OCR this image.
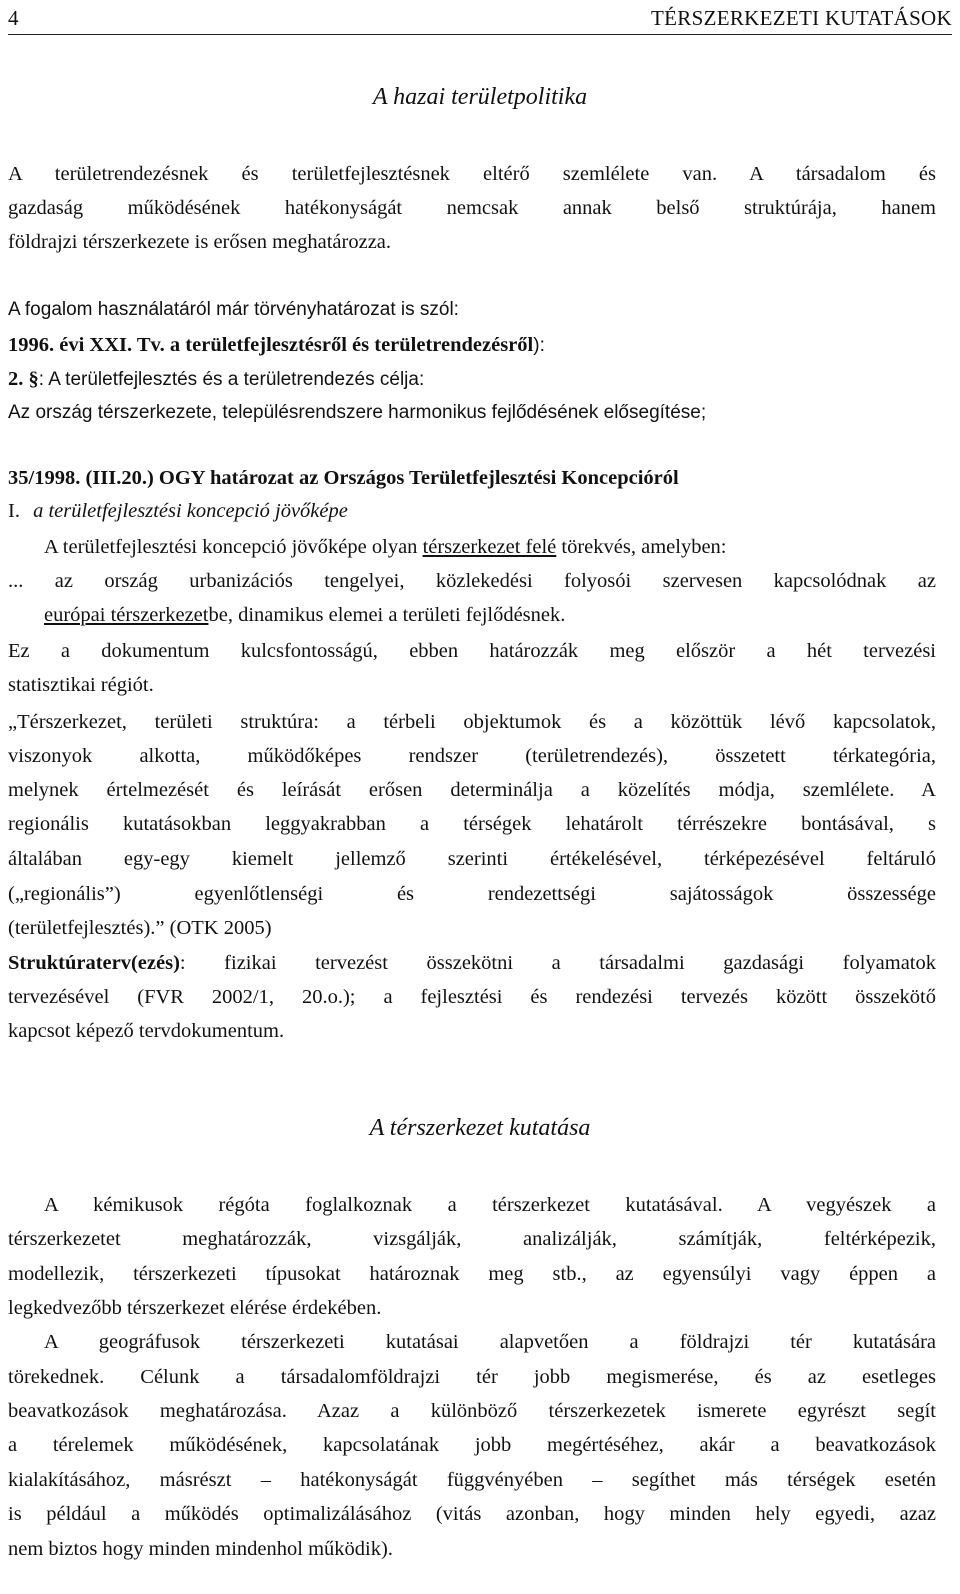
4	TÉRSZERKEZETI KUTATÁSOK
A hazai területpolitika
A területrendezésnek és területfejlesztésnek eltérő szemlélete van. A társadalom és
gazdaság működésének hatékonyságát nemcsak annak belső struktúrája, hanem
földrajzi térszerkezete is erősen meghatározza.
A fogalom használatáról már törvényhatározat is szól:
1996. évi XXI. Tv. a területfejlesztésről és területrendezésről):
2. §: A területfejlesztés és a területrendezés célja:
Az ország térszerkezete, településrendszere harmonikus fejlődésének elősegítése;
35/1998. (III.20.) OGY határozat az Országos Területfejlesztési Koncepcióról
I. a területfejlesztési koncepció jövőképe
A területfejlesztési koncepció jövőképe olyan térszerkezet felé törekvés, amelyben:
... az ország urbanizációs tengelyei, közlekedési folyosói szervesen kapcsolódnak az
európai térszerkezetbe, dinamikus elemei a területi fejlődésnek.
Ez a dokumentum kulcsfontosságú, ebben határozzák meg először a hét tervezési
statisztikai régiót.
„Térszerkezet, területi struktúra: a térbeli objektumok és a közöttük lévő kapcsolatok,
viszonyok alkotta, működőképes rendszer (területrendezés), összetett térkategória,
melynek értelmezését és leírását erősen determinálja a közelítés módja, szemlélete. A
regionális kutatásokban leggyakrabban a térségek lehatárolt térrészekre bontásával, s
általában egy-egy kiemelt jellemző szerinti értékelésével, térképezésével feltáruló
(„regionális”) egyenlőtlenségi és rendezettségi sajátosságok összessége
(területfejlesztés).” (OTK 2005)
Struktúraterv(ezés): fizikai tervezést összekötni a társadalmi gazdasági folyamatok
tervezésével (FVR 2002/1, 20.o.); a fejlesztési és rendezési tervezés között összekötő
kapcsot képező tervdokumentum.
A térszerkezet kutatása
A kémikusok régóta foglalkoznak a térszerkezet kutatásával. A vegyészek a
térszerkezetet meghatározzák, vizsgálják, analizálják, számítják, feltérképezik,
modellezik, térszerkezeti típusokat határoznak meg stb., az egyensúlyi vagy éppen a
legkedvezőbb térszerkezet elérése érdekében.
A geográfusok térszerkezeti kutatásai alapvetően a földrajzi tér kutatására
törekednek. Célunk a társadalomföldrajzi tér jobb megismerése, és az esetleges
beavatkozások meghatározása. Azaz a különböző térszerkezetek ismerete egyrészt segít
a térelemek működésének, kapcsolatának jobb megértéséhez, akár a beavatkozások
kialakításához, másrészt – hatékonyságát függvényében – segíthet más térségek esetén
is például a működés optimalizálásához (vitás azonban, hogy minden hely egyedi, azaz
nem biztos hogy minden mindenhol működik).
